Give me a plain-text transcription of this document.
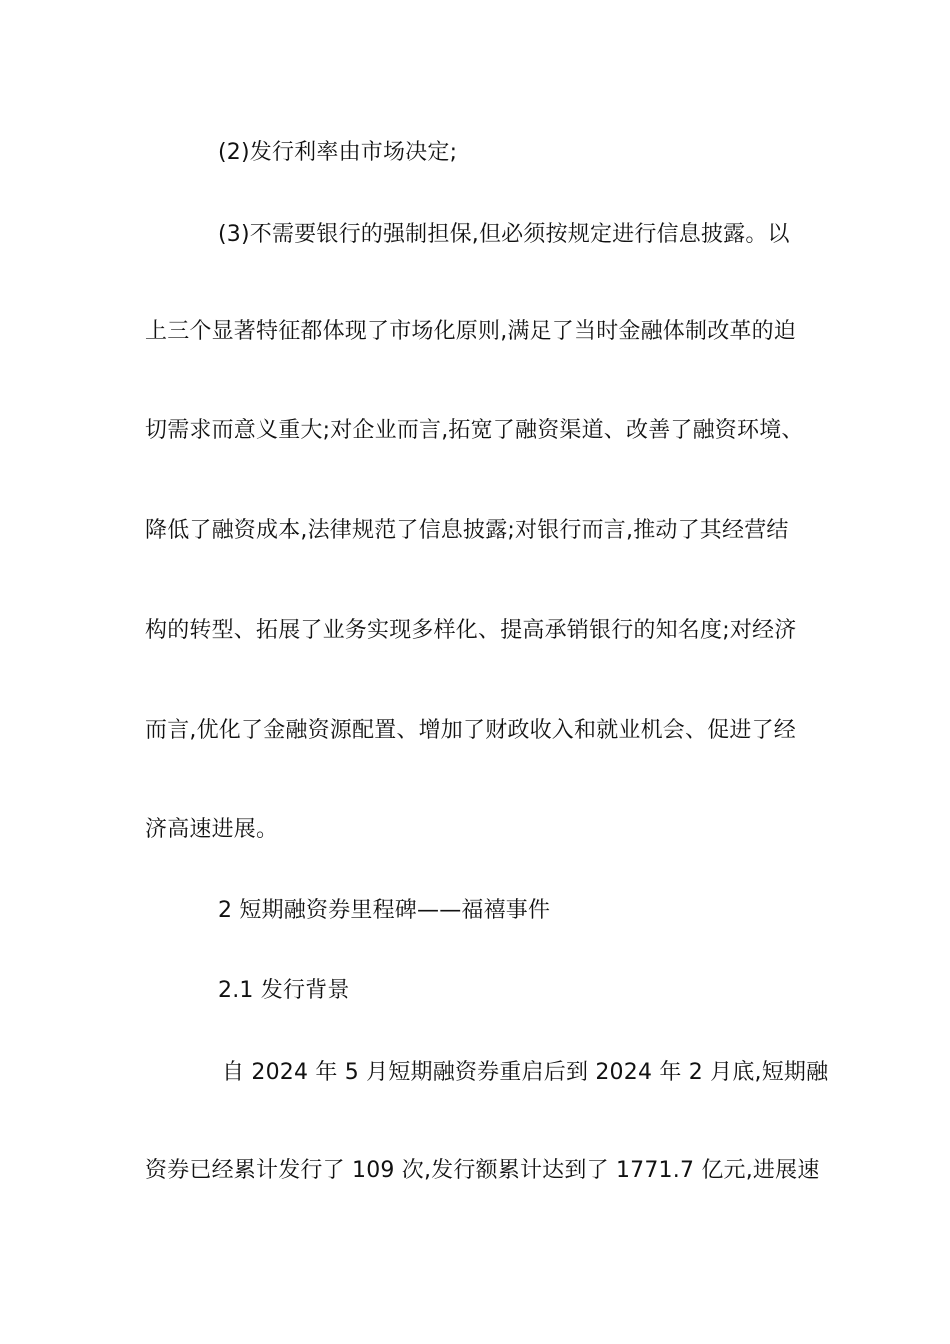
(2)发行利率由市场决定;
(3)不需要银行的强制担保,但必须按规定进行信息披露。以
上三个显著特征都体现了市场化原则,满足了当时金融体制改革的迫
切需求而意义重大;对企业而言,拓宽了融资渠道、改善了融资环境、
降低了融资成本,法律规范了信息披露;对银行而言,推动了其经营结
构的转型、拓展了业务实现多样化、提高承销银行的知名度;对经济
而言,优化了金融资源配置、增加了财政收入和就业机会、促进了经
济高速进展。
2 短期融资券里程碑——福禧事件
2.1 发行背景
自 2024 年 5 月短期融资券重启后到 2024 年 2 月底,短期融
资券已经累计发行了 109 次,发行额累计达到了 1771.7 亿元,进展速
